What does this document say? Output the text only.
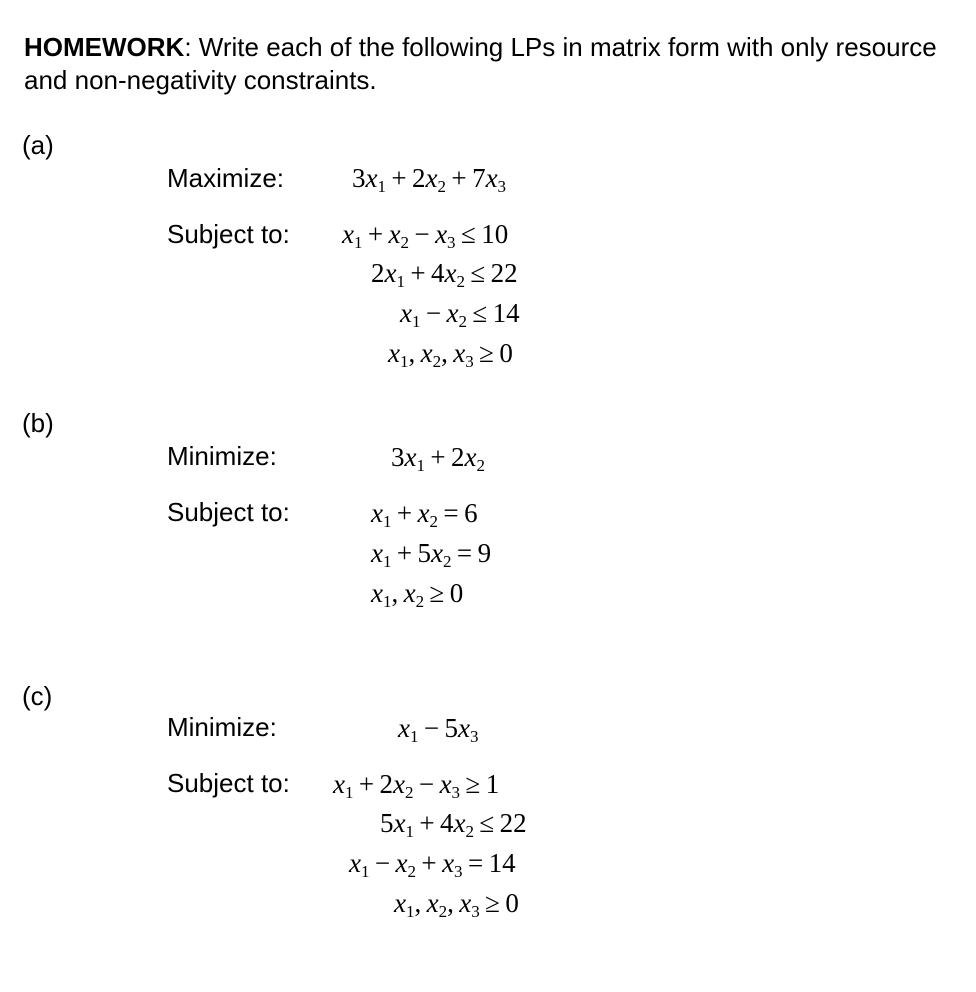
HOMEWORK: Write each of the following LPs in matrix form with only resource and non-negativity constraints.
(a)
Maximize:
Subject to:
$3x_1 + 2x_2 + 7x_3$
$x_1 + x_2 - x_3 \le 10$
$2x_1 + 4x_2 \le 22$
$x_1 - x_2 \le 14$
$x_1$,  $x_2$,  $x_3 \ge 0$
(b)
Minimize:
Subject to:
$3x_1 + 2x_2$
$x_1 + x_2 = 6$
$x_1 + 5x_2 = 9$
$x_1$,  $x_2 \ge 0$
(c)
Minimize:
Subject to:
$x_1 - 5x_3$
$x_1 + 2x_2 - x_3 \ge 1$
$5x_1 + 4x_2 \le 22$
$x_1 - x_2 + x_3 = 14$
$x_1$,  $x_2$,  $x_3 \ge 0$
